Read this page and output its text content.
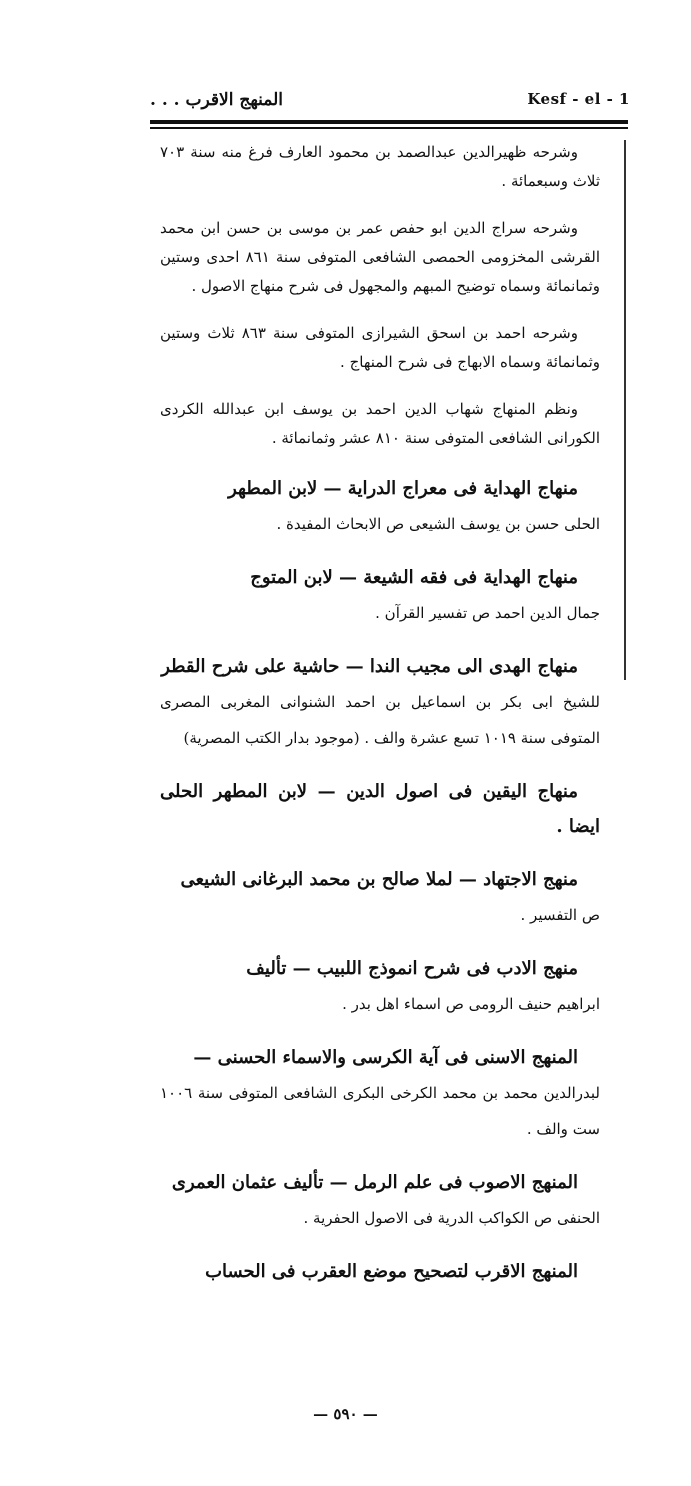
Kesf - el - 1
المنهج الاقرب . . .

وشرحه ظهيرالدين عبدالصمد بن محمود العارف فرغ منه سنة ٧٠٣ ثلاث وسبعمائة .

وشرحه سراج الدين ابو حفص عمر بن موسى بن حسن ابن محمد القرشى المخزومى الحمصى الشافعى المتوفى سنة ٨٦١ احدى وستين وثمانمائة وسماه توضيح المبهم والمجهول فى شرح منهاج الاصول .

وشرحه احمد بن اسحق الشيرازى المتوفى سنة ٨٦٣ ثلاث وستين وثمانمائة وسماه الابهاج فى شرح المنهاج .

ونظم المنهاج شهاب الدين احمد بن يوسف ابن عبدالله الكردى الكورانى الشافعى المتوفى سنة ٨١٠ عشر وثمانمائة .

منهاج الهداية فى معراج الدراية — لابن المطهر
الحلى حسن بن يوسف الشيعى ص الابحاث المفيدة .

منهاج الهداية فى فقه الشيعة — لابن المتوج
جمال الدين احمد ص تفسير القرآن .

منهاج الهدى الى مجيب الندا — حاشية على شرح القطر
للشيخ ابى بكر بن اسماعيل بن احمد الشنوانى المغربى المصرى المتوفى سنة ١٠١٩ تسع عشرة والف . (موجود بدار الكتب المصرية)

منهاج اليقين فى اصول الدين — لابن المطهر الحلى ايضا .

منهج الاجتهاد — لملا صالح بن محمد البرغانى الشيعى
ص التفسير .

منهج الادب فى شرح انموذج اللبيب — تأليف
ابراهيم حنيف الرومى ص اسماء اهل بدر .

المنهج الاسنى فى آية الكرسى والاسماء الحسنى —
لبدرالدين محمد بن محمد الكرخى البكرى الشافعى المتوفى سنة ١٠٠٦ ست والف .

المنهج الاصوب فى علم الرمل — تأليف عثمان العمرى
الحنفى ص الكواكب الدرية فى الاصول الحفرية .

المنهج الاقرب لتصحيح موضع العقرب فى الحساب

— ٥٩٠ —
